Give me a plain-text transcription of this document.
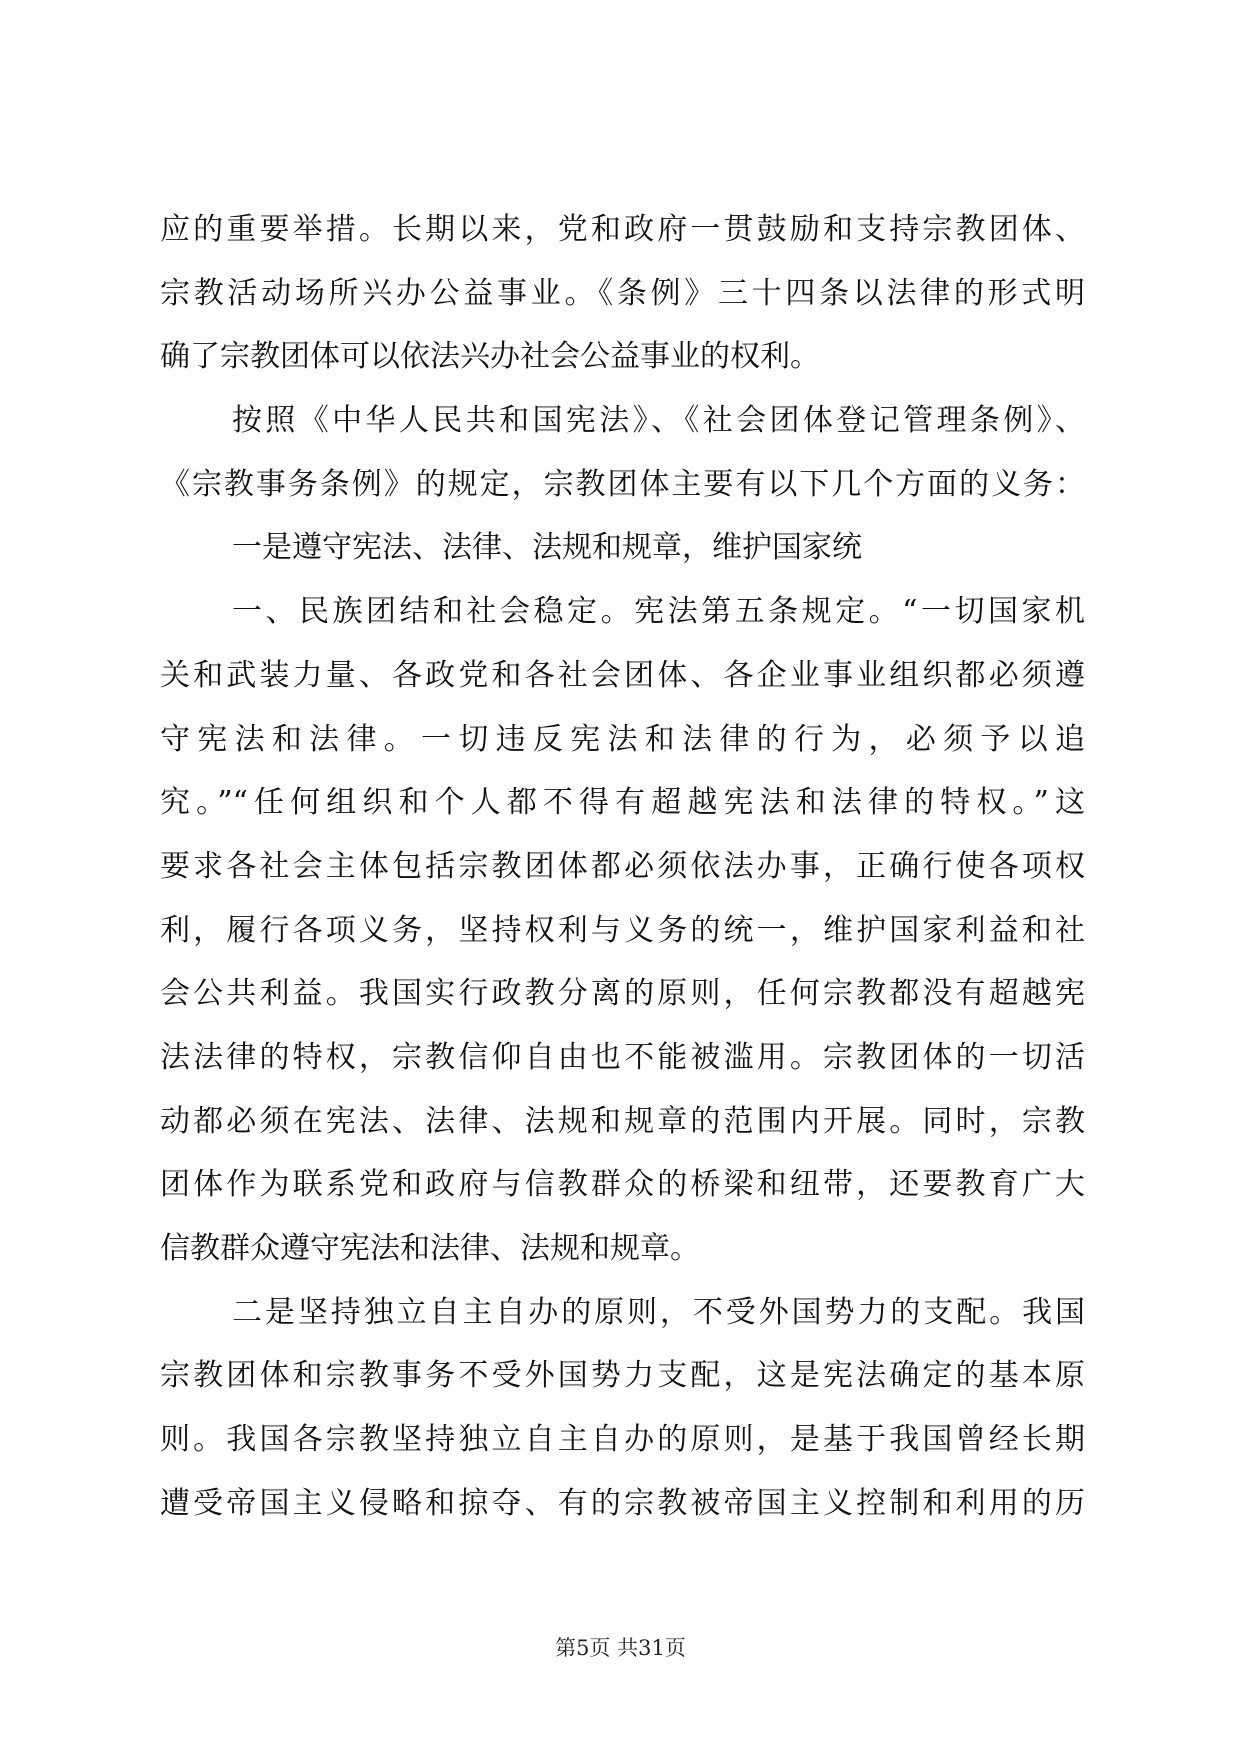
应的重要举措。长期以来，党和政府一贯鼓励和支持宗教团体、
宗教活动场所兴办公益事业。《条例》三十四条以法律的形式明
确了宗教团体可以依法兴办社会公益事业的权利。
按照《中华人民共和国宪法》、《社会团体登记管理条例》、
《宗教事务条例》的规定，宗教团体主要有以下几个方面的义务：
一是遵守宪法、法律、法规和规章，维护国家统
一、民族团结和社会稳定。宪法第五条规定。“一切国家机
关和武装力量、各政党和各社会团体、各企业事业组织都必须遵
守宪法和法律。一切违反宪法和法律的行为，必须予以追
究。”“任何组织和个人都不得有超越宪法和法律的特权。”这
要求各社会主体包括宗教团体都必须依法办事，正确行使各项权
利，履行各项义务，坚持权利与义务的统一，维护国家利益和社
会公共利益。我国实行政教分离的原则，任何宗教都没有超越宪
法法律的特权，宗教信仰自由也不能被滥用。宗教团体的一切活
动都必须在宪法、法律、法规和规章的范围内开展。同时，宗教
团体作为联系党和政府与信教群众的桥梁和纽带，还要教育广大
信教群众遵守宪法和法律、法规和规章。
二是坚持独立自主自办的原则，不受外国势力的支配。我国
宗教团体和宗教事务不受外国势力支配，这是宪法确定的基本原
则。我国各宗教坚持独立自主自办的原则，是基于我国曾经长期
遭受帝国主义侵略和掠夺、有的宗教被帝国主义控制和利用的历
第5页 共31页
